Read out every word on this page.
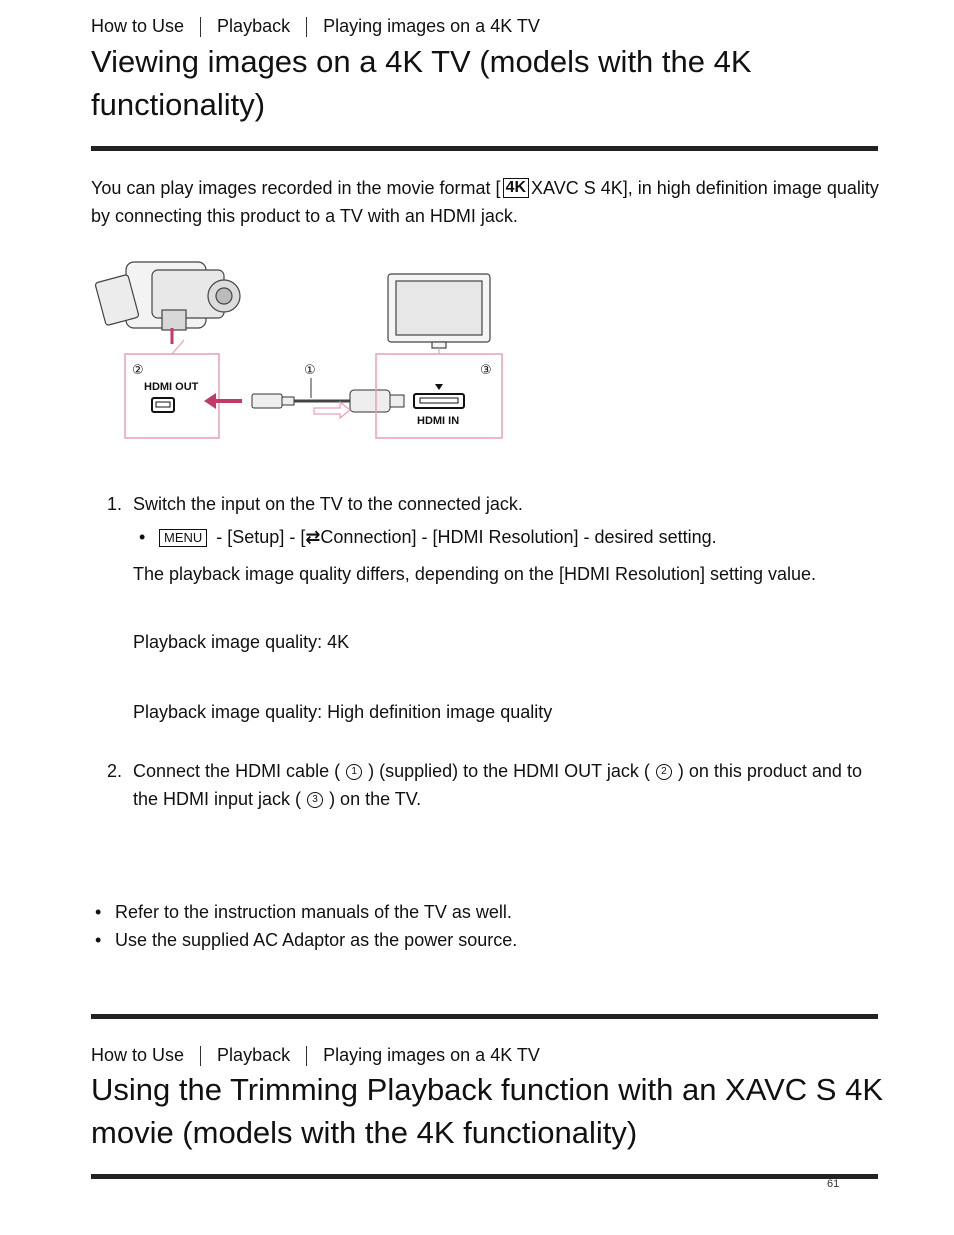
How to Use Playback Playing images on a 4K TV
Viewing images on a 4K TV (models with the 4K functionality)
You can play images recorded in the movie format [ 4K XAVC S 4K], in high definition image quality by connecting this product to a TV with an HDMI jack.
②
HDMI OUT
①	③
HDMI IN
1. Switch the input on the TV to the connected jack.
MENU - [Setup] - [⇄Connection] - [HDMI Resolution] - desired setting.
The playback image quality differs, depending on the [HDMI Resolution] setting value.
Playback image quality: 4K
Playback image quality: High definition image quality
2. Connect the HDMI cable ( 1 ) (supplied) to the HDMI OUT jack ( 2 ) on this product and to the HDMI input jack ( 3 ) on the TV.
Refer to the instruction manuals of the TV as well.
Use the supplied AC Adaptor as the power source.
How to Use Playback Playing images on a 4K TV
Using the Trimming Playback function with an XAVC S 4K movie (models with the 4K functionality)
61
